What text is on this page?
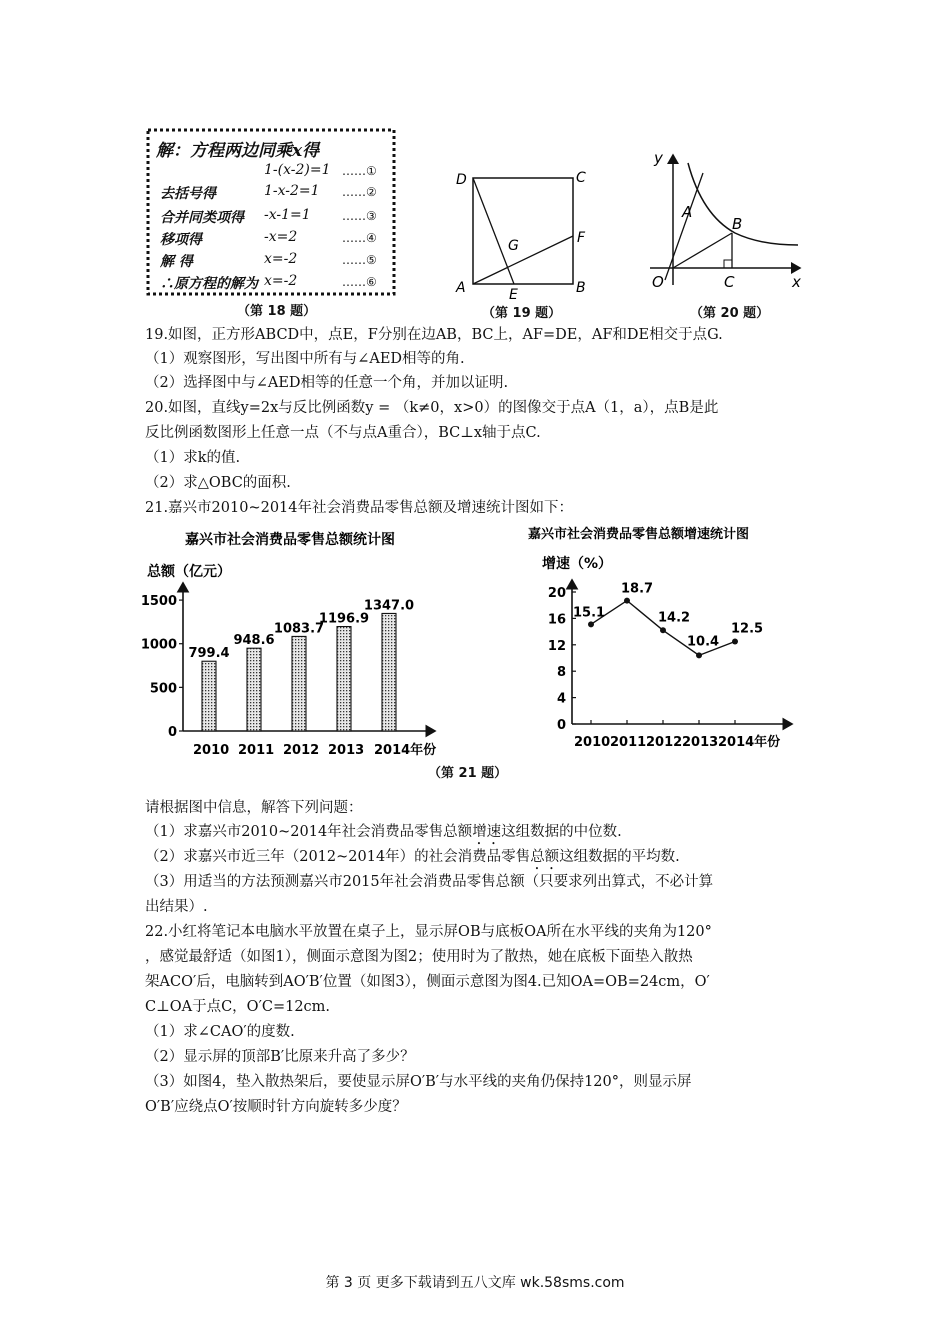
解：方程两边同乘x得
1-(x-2)=1 ……①
去括号得	1-x-2=1 ……②
合并同类项得 -x-1=1	……③
移项得	-x=2	……④
解 得	x=-2	……⑤
∴原方程的解为 x=-2	……⑥
（第 18 题）
D	C
A	B
E
F
G
（第 19 题）
y
x
O
A
B
C
（第 20 题）
19.如图，正方形ABCD中，点E，F分别在边AB，BC上，AF=DE，AF和DE相交于点G.
（1）观察图形，写出图中所有与∠AED相等的角.
（2）选择图中与∠AED相等的任意一个角，并加以证明.
20.如图，直线y=2x与反比例函数y = （k≠0，x>0）的图像交于点A（1，a），点B是此
反比例函数图形上任意一点（不与点A重合），BC⊥x轴于点C.
（1）求k的值.
（2）求△OBC的面积.
21.嘉兴市2010~2014年社会消费品零售总额及增速统计图如下：
嘉兴市社会消费品零售总额统计图
总额（亿元）
0
500
1000
1500
799.4
2010
948.6
2011
1083.7
2012
1196.9
2013
1347.0
2014年份
嘉兴市社会消费品零售总额增速统计图
增速（%）
0
4
8
12
16
20
15.1
2010
18.7
2011
14.2
2012
10.4
2013
12.5
2014年份
（第 21 题）
请根据图中信息，解答下列问题：
（1）求嘉兴市2010~2014年社会消费品零售总额增速这组数据的中位数.
（2）求嘉兴市近三年（2012~2014年）的社会消费品零售总额这组数据的平均数.
（3）用适当的方法预测嘉兴市2015年社会消费品零售总额（只要求列出算式，不必计算
出结果）.
22.小红将笔记本电脑水平放置在桌子上，显示屏OB与底板OA所在水平线的夹角为120°
，感觉最舒适（如图1），侧面示意图为图2；使用时为了散热，她在底板下面垫入散热
架ACO′后，电脑转到AO′B′位置（如图3），侧面示意图为图4.已知OA=OB=24cm，O′
C⊥OA于点C，O′C=12cm.
（1）求∠CAO′的度数.
（2）显示屏的顶部B′比原来升高了多少？
（3）如图4，垫入散热架后，要使显示屏O′B′与水平线的夹角仍保持120°，则显示屏
O′B′应绕点O′按顺时针方向旋转多少度？
第 3 页 更多下载请到五八文库 wk.58sms.com
